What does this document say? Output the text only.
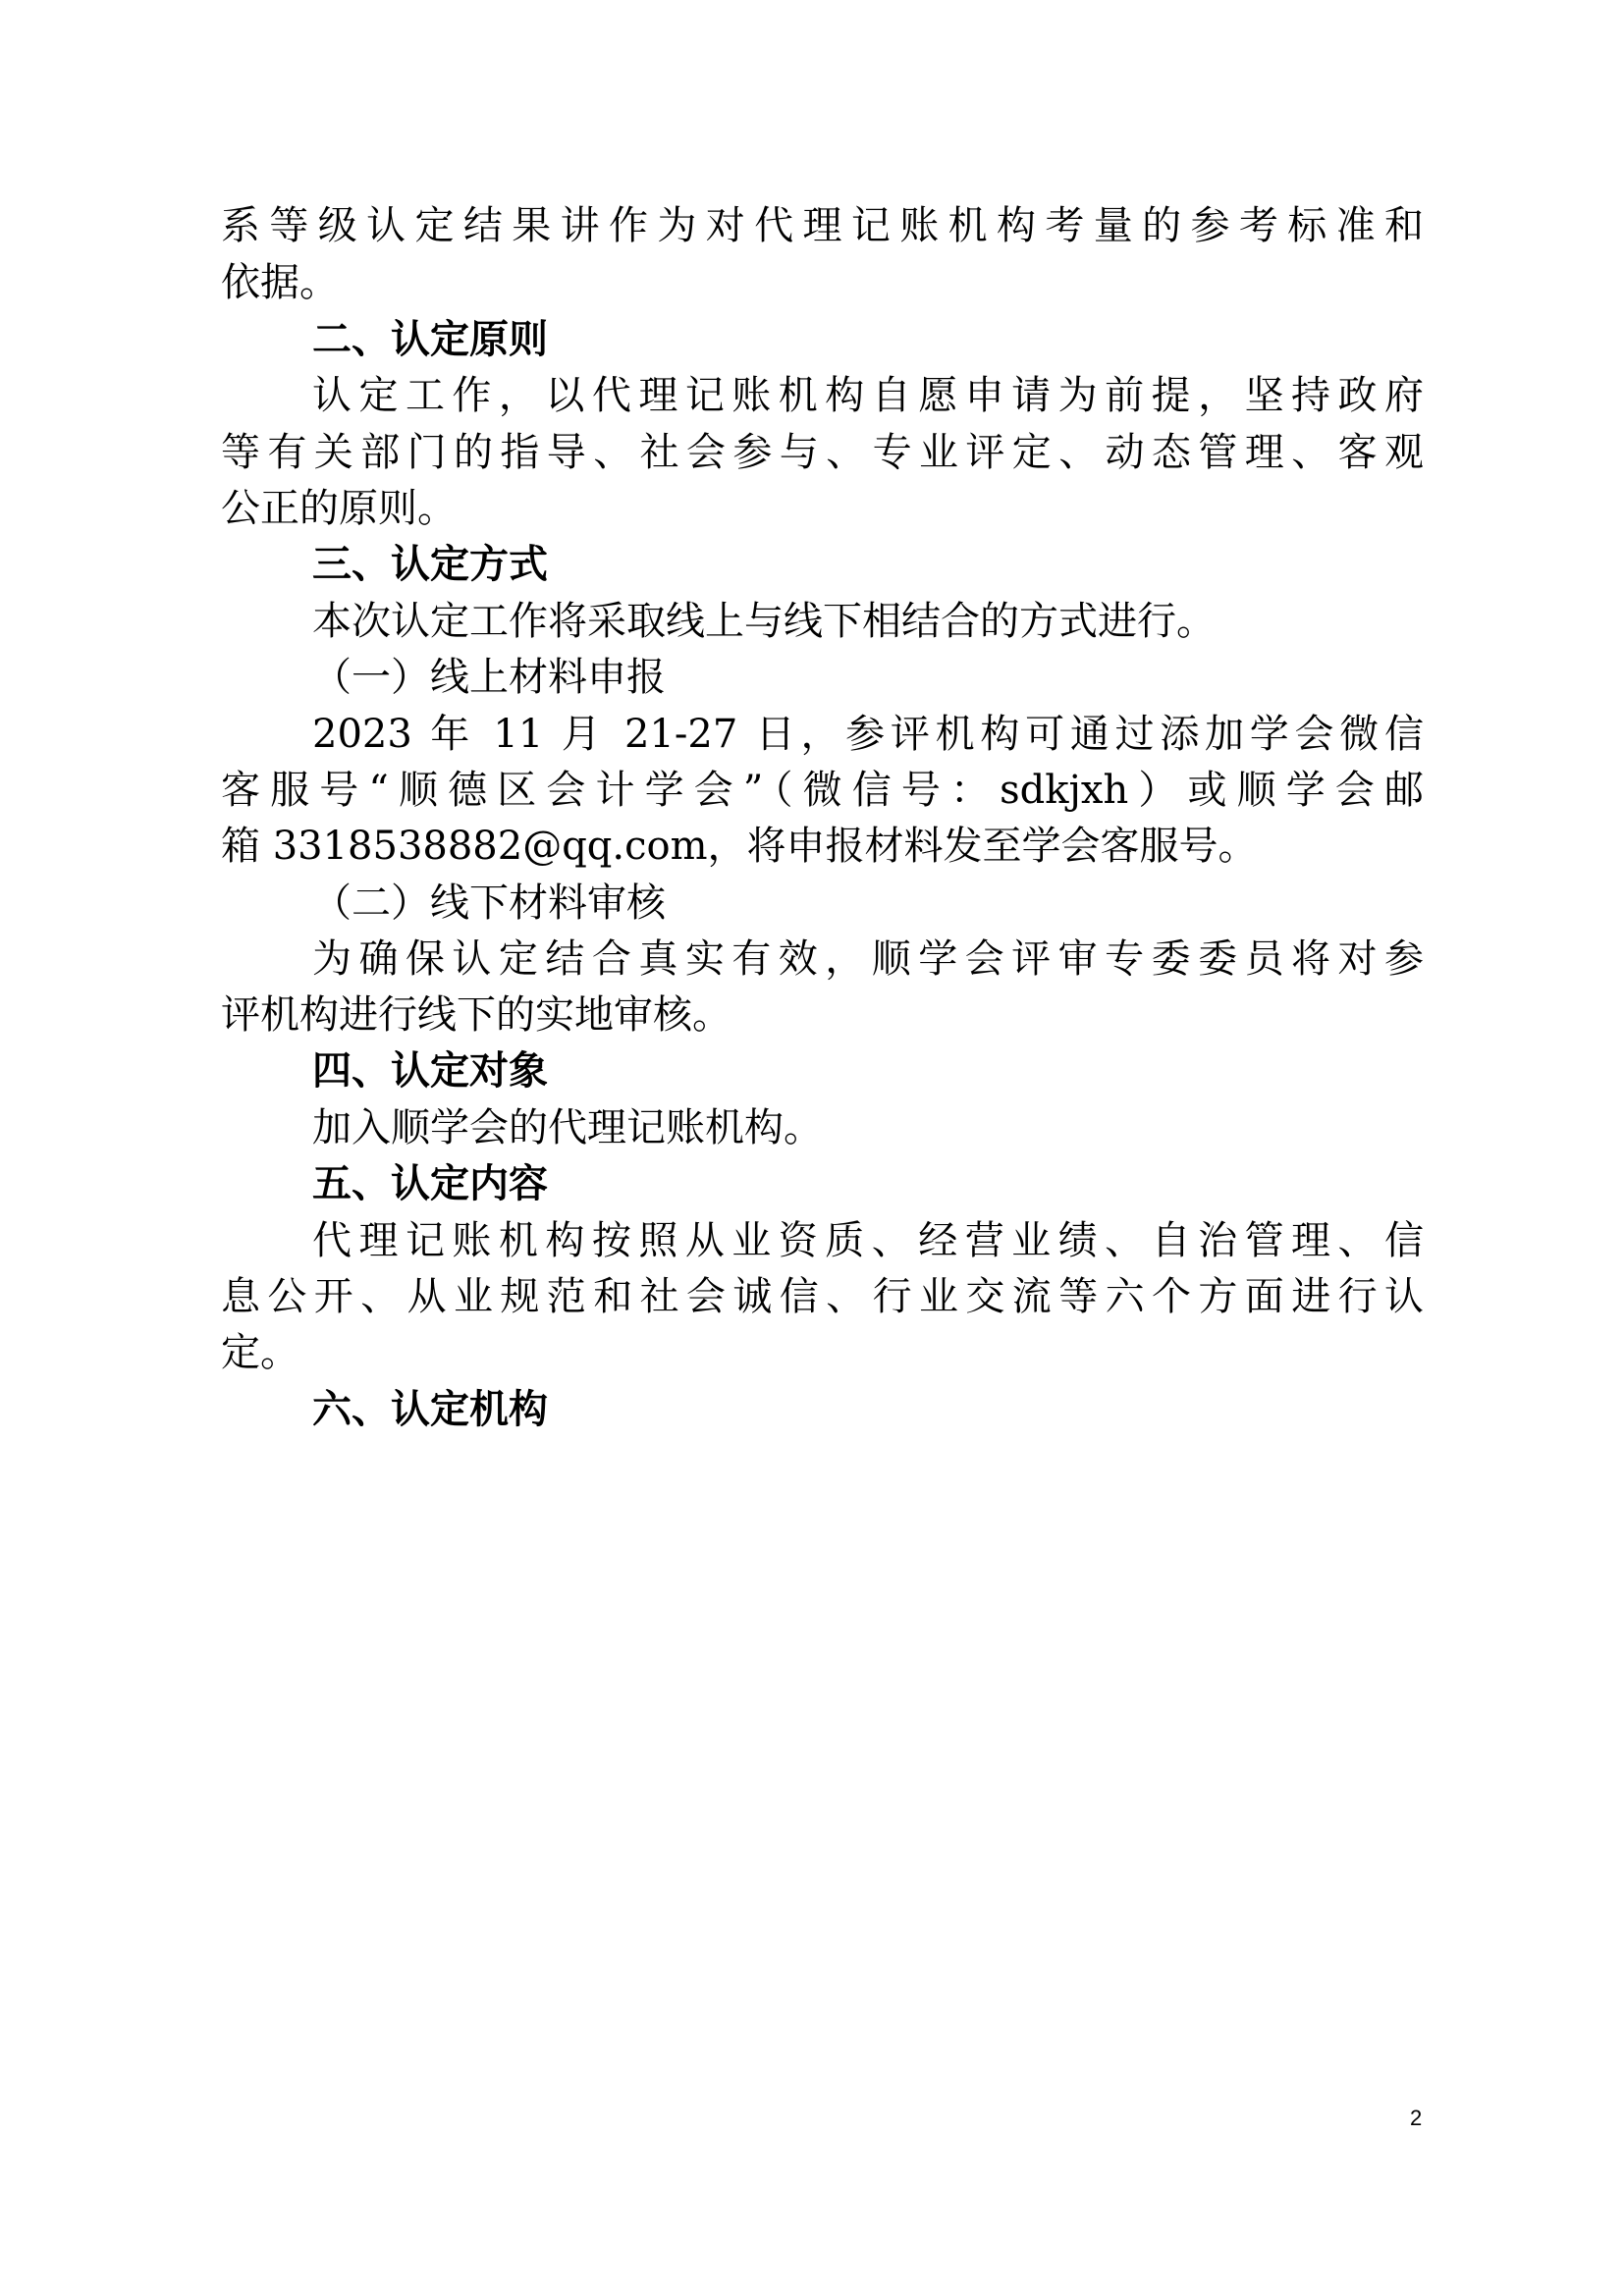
系等级认定结果讲作为对代理记账机构考量的参考标准和
依据。
二、认定原则
认定工作，以代理记账机构自愿申请为前提，坚持政府
等有关部门的指导、社会参与、专业评定、动态管理、客观
公正的原则。
三、认定方式
本次认定工作将采取线上与线下相结合的方式进行。
（一）线上材料申报
2023 年 11 月 21-27 日，参评机构可通过添加学会微信
客服号“顺德区会计学会”（微信号：sdkjxh）或顺学会邮
箱 3318538882@qq.com，将申报材料发至学会客服号。
（二）线下材料审核
为确保认定结合真实有效，顺学会评审专委委员将对参
评机构进行线下的实地审核。
四、认定对象
加入顺学会的代理记账机构。
五、认定内容
代理记账机构按照从业资质、经营业绩、自治管理、信
息公开、从业规范和社会诚信、行业交流等六个方面进行认
定。
六、认定机构
2
